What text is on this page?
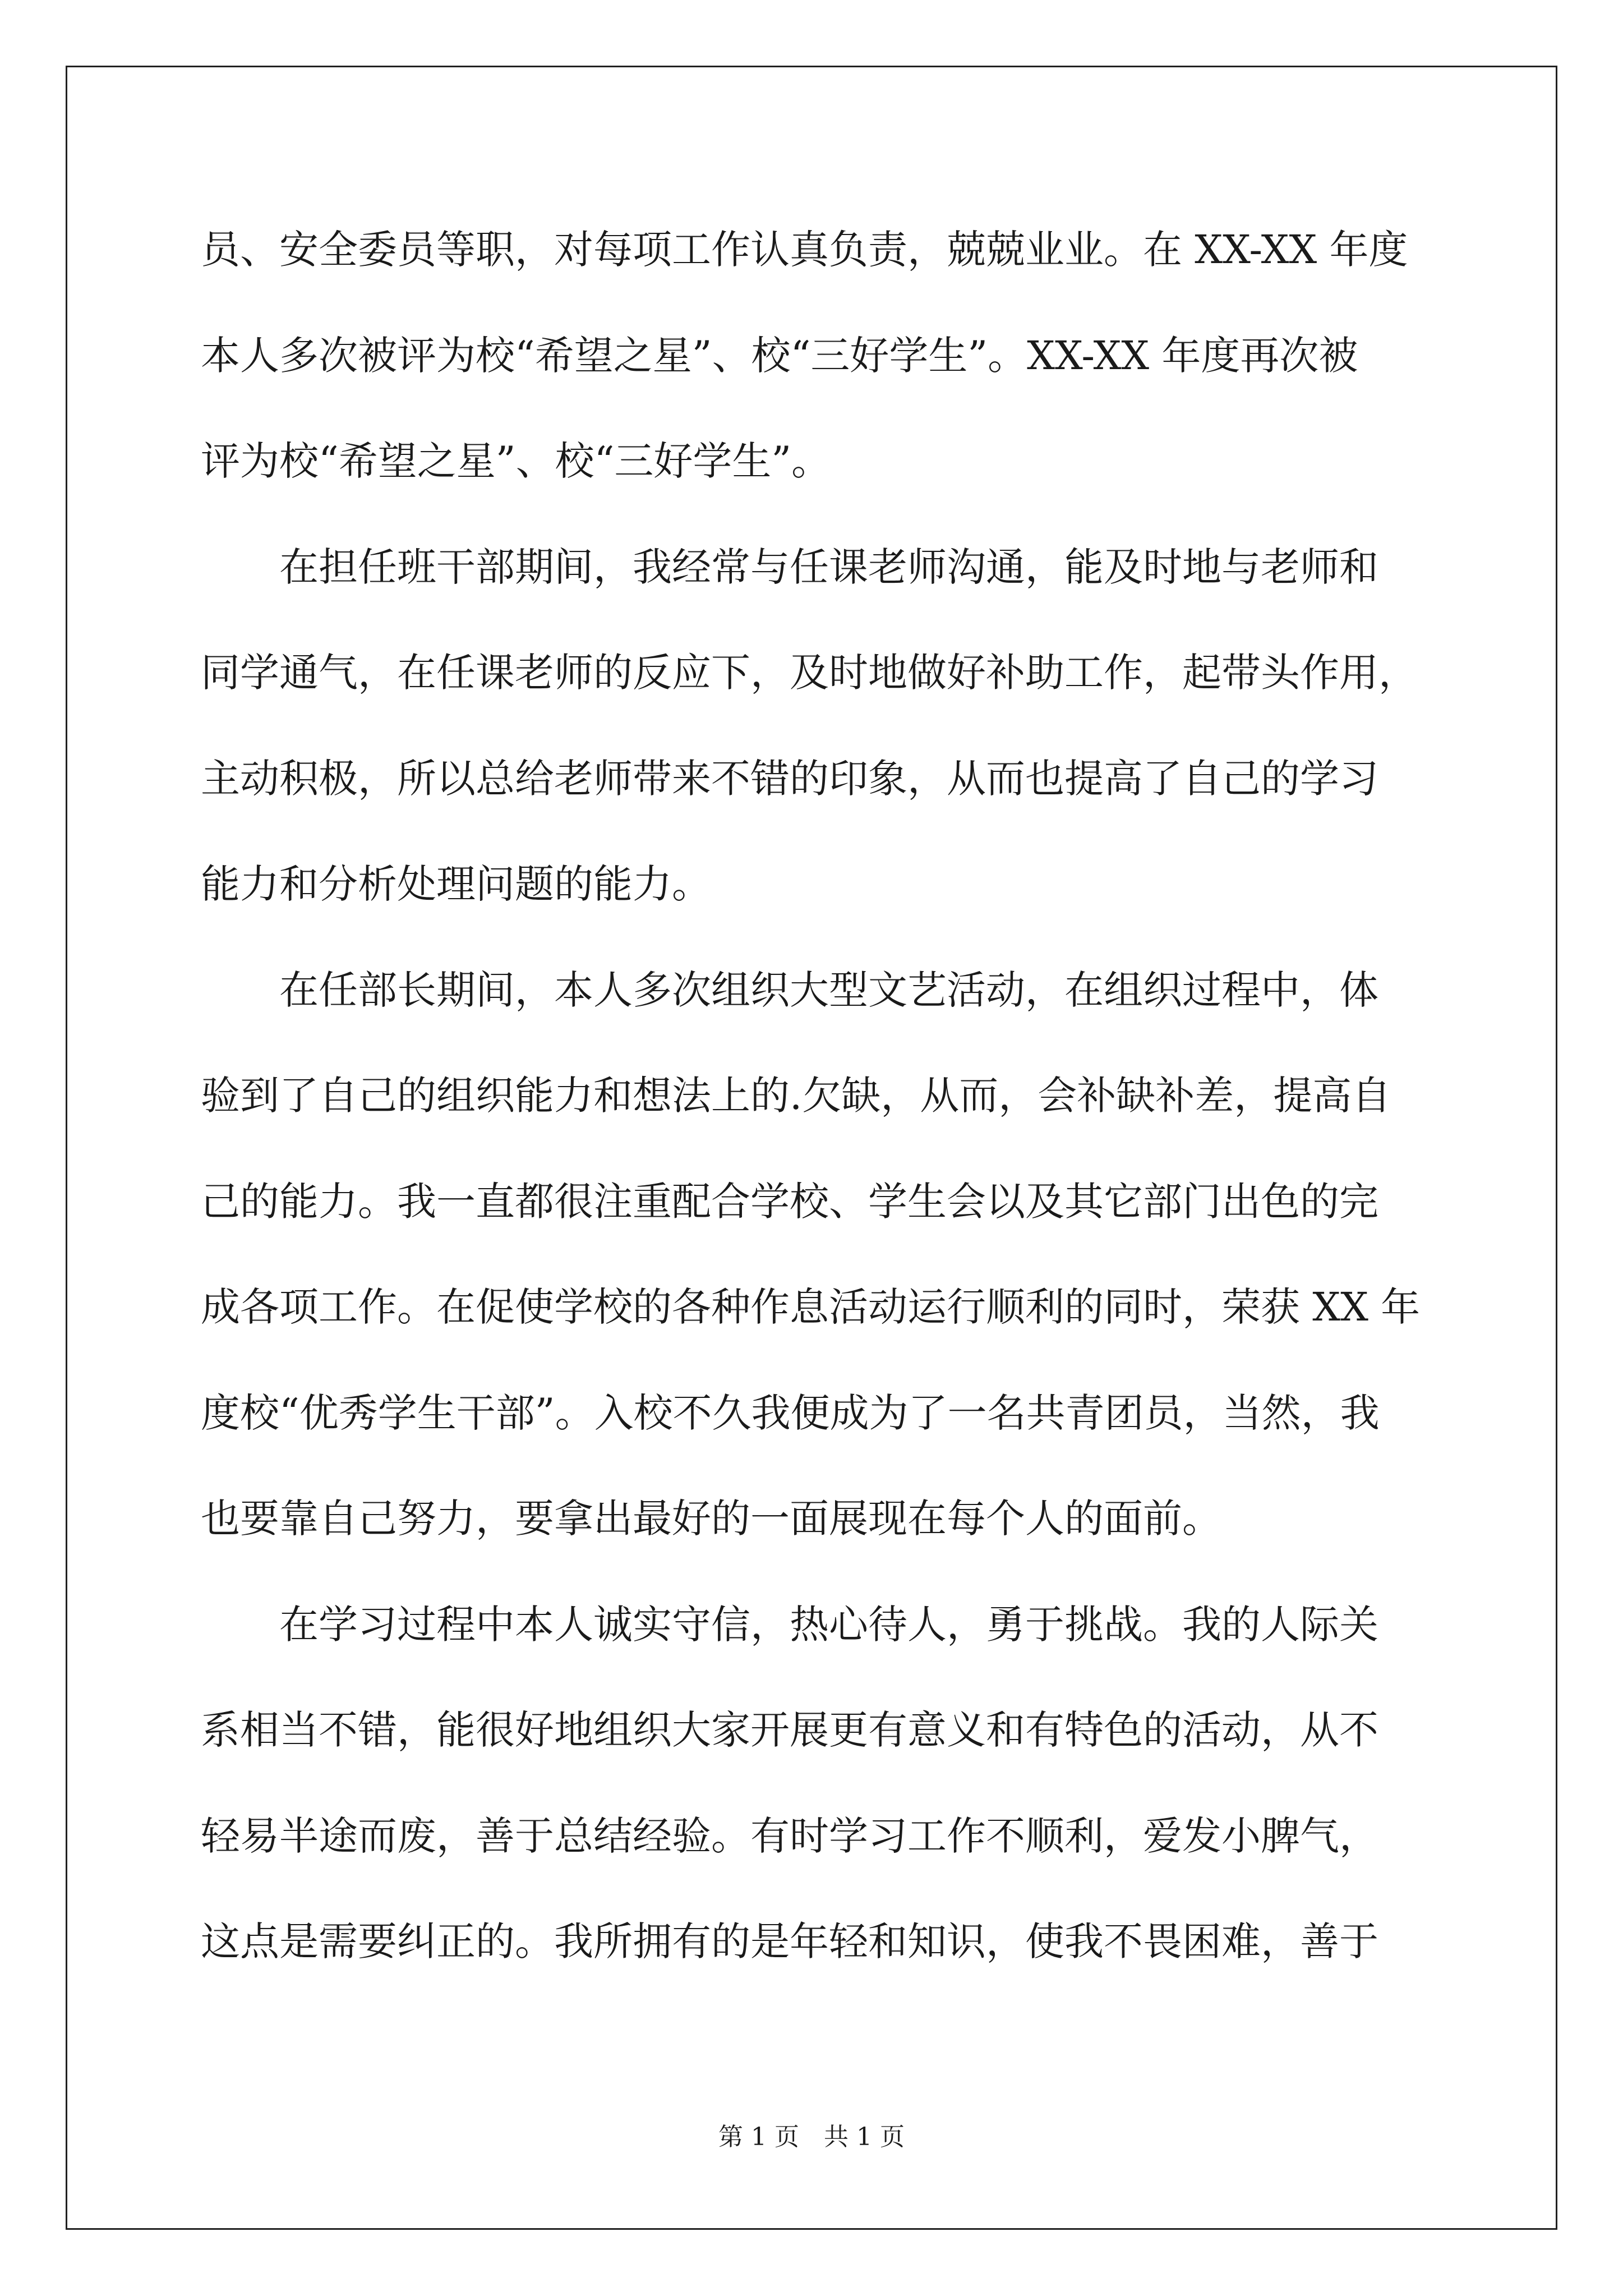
员、安全委员等职，对每项工作认真负责，兢兢业业。在 XX-XX 年度
本人多次被评为校“希望之星”、校“三好学生”。XX-XX 年度再次被
评为校“希望之星”、校“三好学生”。
　　在担任班干部期间，我经常与任课老师沟通，能及时地与老师和
同学通气，在任课老师的反应下，及时地做好补助工作，起带头作用，
主动积极，所以总给老师带来不错的印象，从而也提高了自己的学习
能力和分析处理问题的能力。
　　在任部长期间，本人多次组织大型文艺活动，在组织过程中，体
验到了自己的组织能力和想法上的.欠缺，从而，会补缺补差，提高自
己的能力。我一直都很注重配合学校、学生会以及其它部门出色的完
成各项工作。在促使学校的各种作息活动运行顺利的同时，荣获 XX 年
度校“优秀学生干部”。入校不久我便成为了一名共青团员，当然，我
也要靠自己努力，要拿出最好的一面展现在每个人的面前。
　　在学习过程中本人诚实守信，热心待人，勇于挑战。我的人际关
系相当不错，能很好地组织大家开展更有意义和有特色的活动，从不
轻易半途而废，善于总结经验。有时学习工作不顺利，爱发小脾气，
这点是需要纠正的。我所拥有的是年轻和知识，使我不畏困难，善于
第 1 页　共 1 页
